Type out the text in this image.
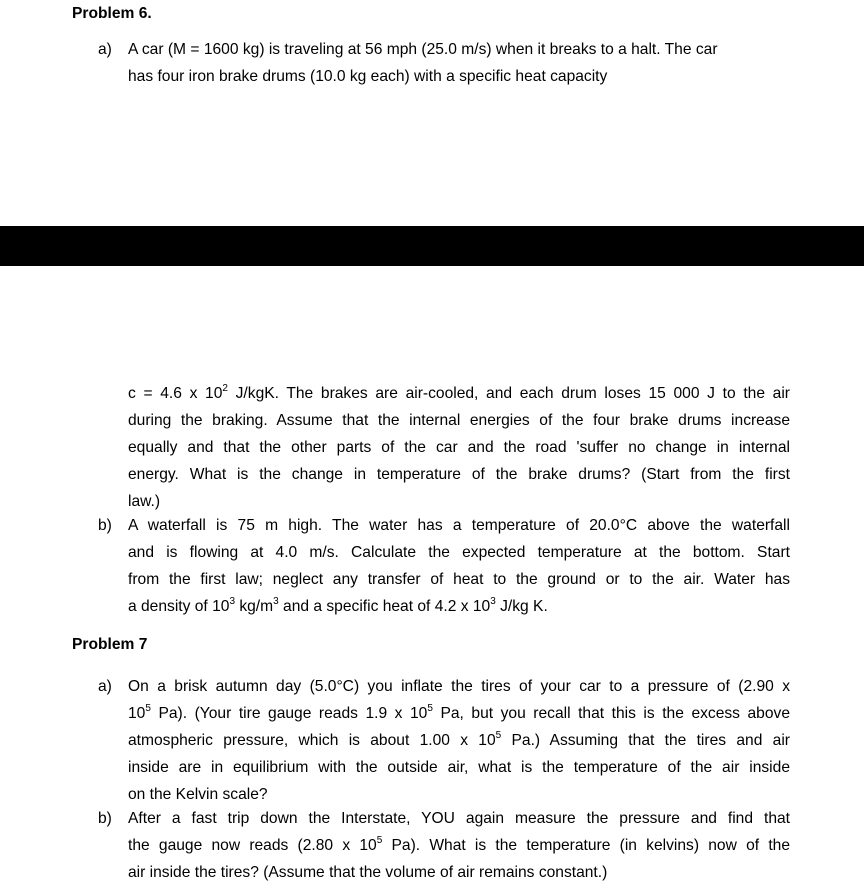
Problem 6.
a) A car (M = 1600 kg) is traveling at 56 mph (25.0 m/s) when it breaks to a halt. The car
has four iron brake drums (10.0 kg each) with a specific heat capacity
c = 4.6 x $10^2$ J/kgK. The brakes are air-cooled, and each drum loses 15 000 J to the air
during the braking. Assume that the internal energies of the four brake drums increase
equally and that the other parts of the car and the road 'suffer no change in internal
energy. What is the change in temperature of the brake drums? (Start from the first
law.)
b) A waterfall is 75 m high. The water has a temperature of 20.0°C above the waterfall
and is flowing at 4.0 m/s. Calculate the expected temperature at the bottom. Start
from the first law; neglect any transfer of heat to the ground or to the air. Water has
a density of $10^3$ $kg/m^3$ and a specific heat of 4.2 x $10^3$ J/kg K.
Problem 7
a) On a brisk autumn day (5.0°C) you inflate the tires of your car to a pressure of (2.90 x
$10^5$ Pa). (Your tire gauge reads 1.9 x $10^5$ Pa, but you recall that this is the excess above
atmospheric pressure, which is about 1.00 x $10^5$ Pa.) Assuming that the tires and air
inside are in equilibrium with the outside air, what is the temperature of the air inside
on the Kelvin scale?
b) After a fast trip down the Interstate, YOU again measure the pressure and find that
the gauge now reads (2.80 x $10^5$ Pa). What is the temperature (in kelvins) now of the
air inside the tires? (Assume that the volume of air remains constant.)
